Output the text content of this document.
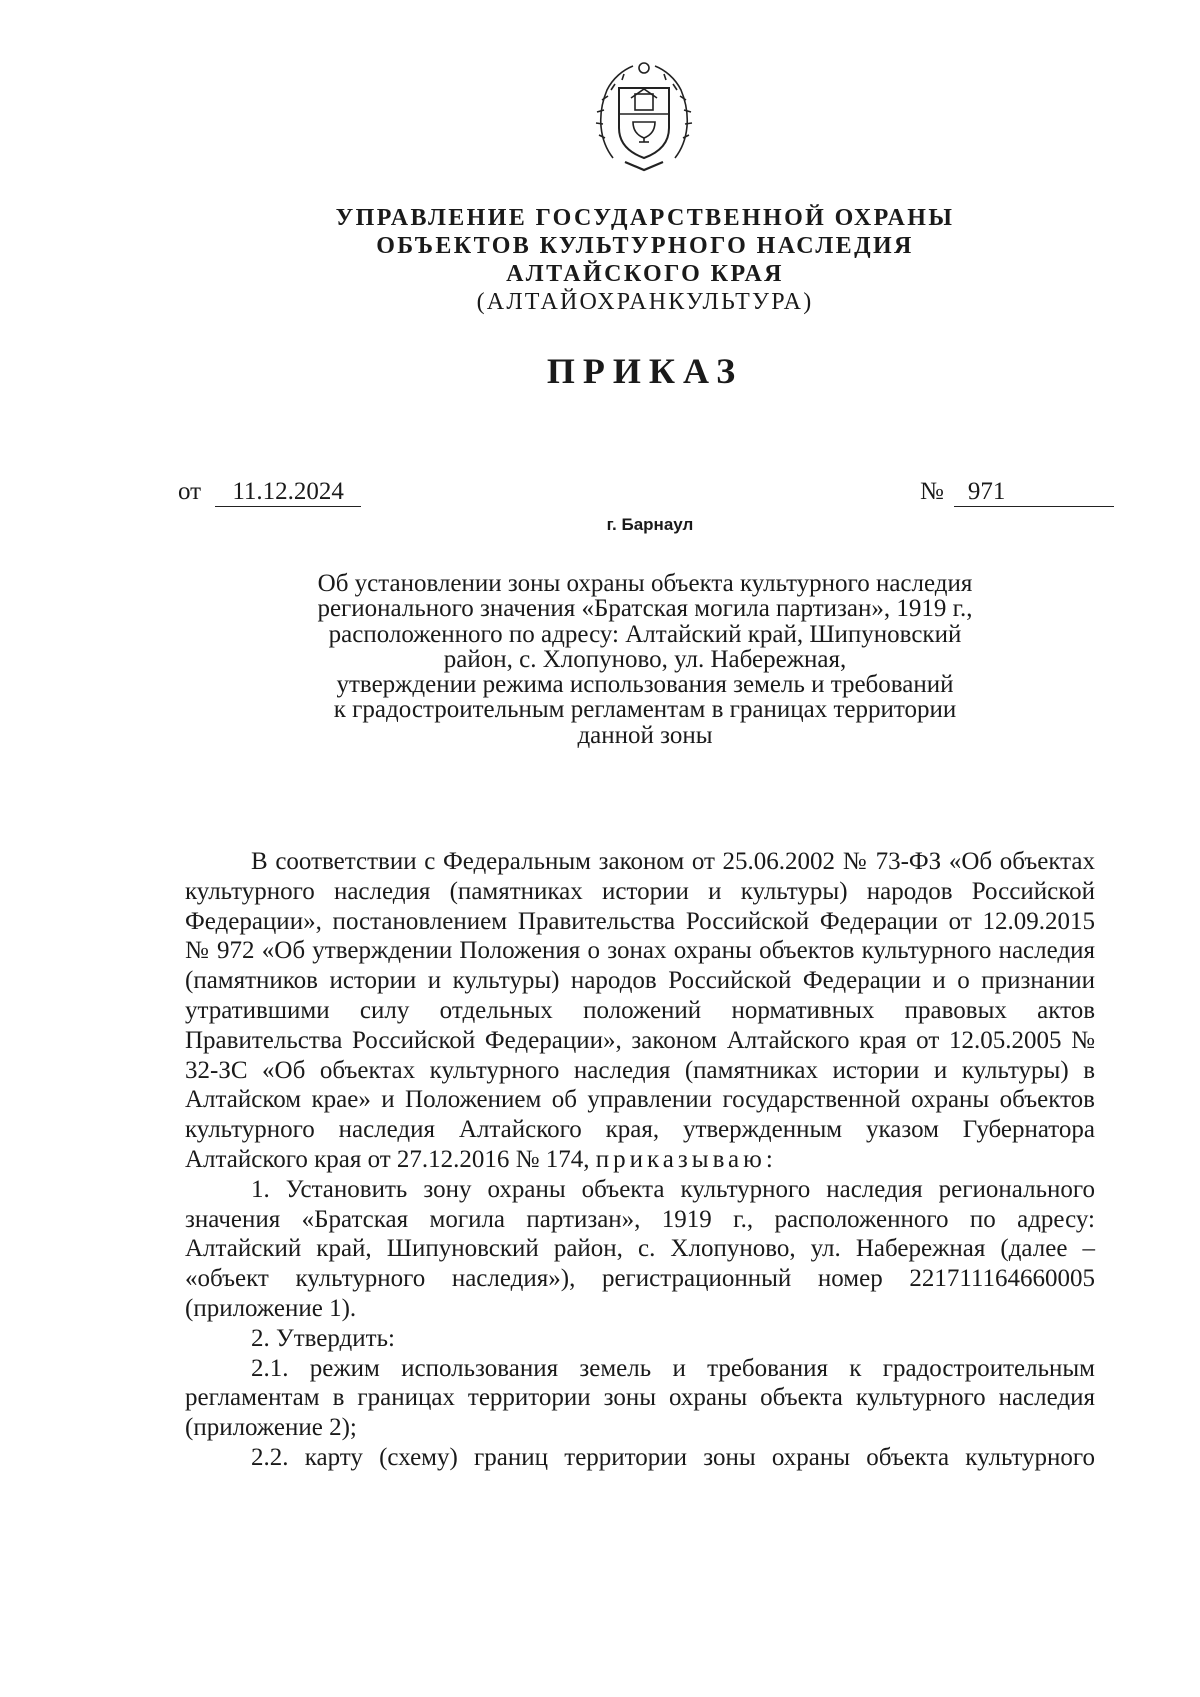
УПРАВЛЕНИЕ ГОСУДАРСТВЕННОЙ ОХРАНЫ
ОБЪЕКТОВ КУЛЬТУРНОГО НАСЛЕДИЯ
АЛТАЙСКОГО КРАЯ
(АЛТАЙОХРАНКУЛЬТУРА)
ПРИКАЗ
от 11.12.2024	№ 971
г. Барнаул
Об установлении зоны охраны объекта культурного наследия
регионального значения «Братская могила партизан», 1919 г.,
расположенного по адресу: Алтайский край, Шипуновский
район, с. Хлопуново, ул. Набережная,
утверждении режима использования земель и требований
к градостроительным регламентам в границах территории
данной зоны

В соответствии с Федеральным законом от 25.06.2002 № 73-ФЗ «Об объектах культурного наследия (памятниках истории и культуры) народов Российской Федерации», постановлением Правительства Российской Федерации от 12.09.2015 № 972 «Об утверждении Положения о зонах охраны объектов культурного наследия (памятников истории и культуры) народов Российской Федерации и о признании утратившими силу отдельных положений нормативных правовых актов Правительства Российской Федерации», законом Алтайского края от 12.05.2005 № 32-ЗС «Об объектах культурного наследия (памятниках истории и культуры) в Алтайском крае» и Положением об управлении государственной охраны объектов культурного наследия Алтайского края, утвержденным указом Губернатора Алтайского края от 27.12.2016 № 174, приказываю:

1. Установить зону охраны объекта культурного наследия регионального значения «Братская могила партизан», 1919 г., расположенного по адресу: Алтайский край, Шипуновский район, с. Хлопуново, ул. Набережная (далее – «объект культурного наследия»), регистрационный номер 221711164660005 (приложение 1).

2. Утвердить:

2.1. режим использования земель и требования к градостроительным регламентам в границах территории зоны охраны объекта культурного наследия (приложение 2);

2.2. карту (схему) границ территории зоны охраны объекта культурного
